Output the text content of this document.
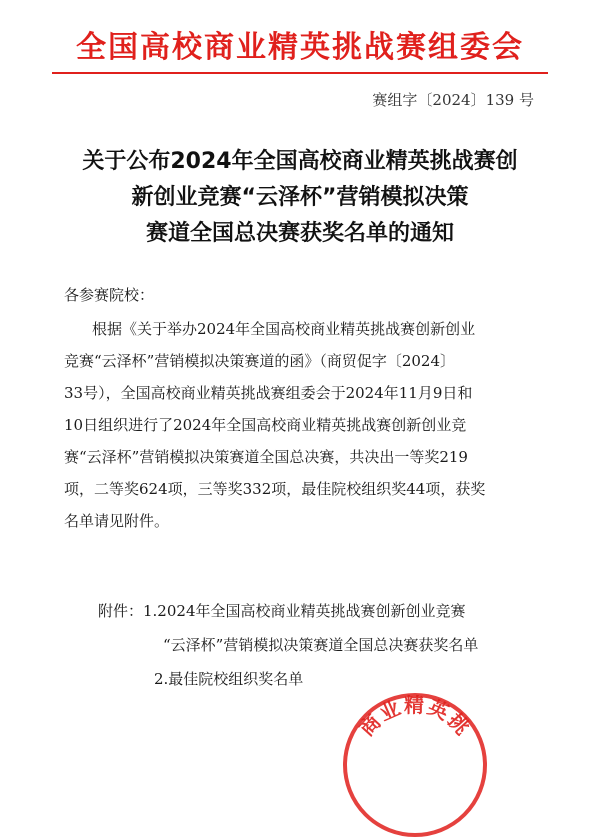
全国高校商业精英挑战赛组委会
赛组字〔2024〕139 号
关于公布2024年全国高校商业精英挑战赛创
新创业竞赛“云泽杯”营销模拟决策
赛道全国总决赛获奖名单的通知
各参赛院校：
根据《关于举办2024年全国高校商业精英挑战赛创新创业
竞赛“云泽杯”营销模拟决策赛道的函》（商贸促字〔2024〕
33号），全国高校商业精英挑战赛组委会于2024年11月9日和
10日组织进行了2024年全国高校商业精英挑战赛创新创业竞
赛“云泽杯”营销模拟决策赛道全国总决赛，共决出一等奖219
项，二等奖624项，三等奖332项，最佳院校组织奖44项，获奖
名单请见附件。
附件：1.2024年全国高校商业精英挑战赛创新创业竞赛
“云泽杯”营销模拟决策赛道全国总决赛获奖名单
2.最佳院校组织奖名单
商业精英挑
